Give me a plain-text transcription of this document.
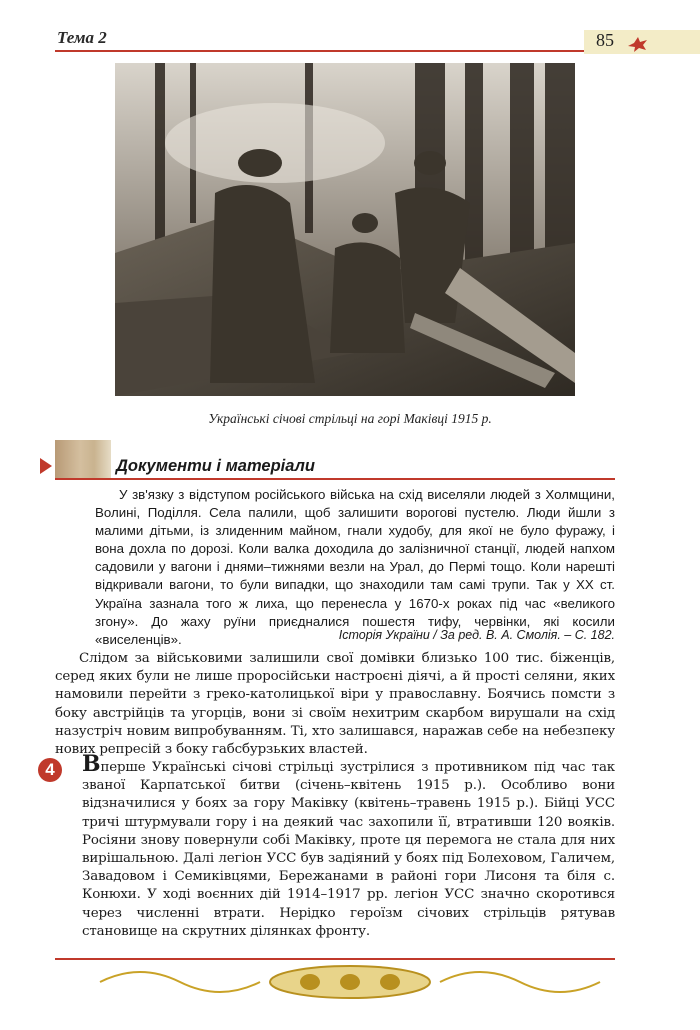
Тема 2	85
Українські січові стрільці на горі Маківці 1915 р.
Документи і матеріали

У зв'язку з відступом російського війська на схід виселяли людей з Холмщини, Волині, Поділля. Села палили, щоб залишити ворогові пустелю. Люди йшли з малими дітьми, із злиденним майном, гнали худобу, для якої не було фуражу, і вона дохла по дорозі. Коли валка доходила до залізничної станції, людей напхом садовили у вагони і днями–тижнями везли на Урал, до Пермі тощо. Коли нарешті відкривали вагони, то були випадки, що знаходили там самі трупи. Так у XX ст. Україна зазнала того ж лиха, що перенесла у 1670-х роках під час «великого згону». До жаху руїни приєдналися пошестя тифу, червінки, які косили «виселенців».	Історія України / За ред. В. А. Смолія. – С. 182.

Слідом за військовими залишили свої домівки близько 100 тис. біженців, серед яких були не лише проросійськи настроєні діячі, а й прості селяни, яких намовили перейти з греко-католицької віри у православну. Боячись помсти з боку австрійців та угорців, вони зі своїм нехитрим скарбом вирушали на схід назустріч новим випробуванням. Ті, хто залишався, наражав себе на небезпеку нових репресій з боку габсбурзьких властей.

4	Вперше Українські січові стрільці зустрілися з противником під час так званої Карпатської битви (січень–квітень 1915 р.). Особливо вони відзначилися у боях за гору Маківку (квітень–травень 1915 р.). Бійці УСС тричі штурмували гору і на деякий час захопили її, втративши 120 вояків. Росіяни знову повернули собі Маківку, проте ця перемога не стала для них вирішальною. Далі легіон УСС був задіяний у боях під Болеховом, Галичем, Завадовом і Семиківцями, Бережанами в районі гори Лисоня та біля с. Конюхи. У ході воєнних дій 1914–1917 рр. легіон УСС значно скоротився через численні втрати. Нерідко героїзм січових стрільців рятував становище на скрутних ділянках фронту.
